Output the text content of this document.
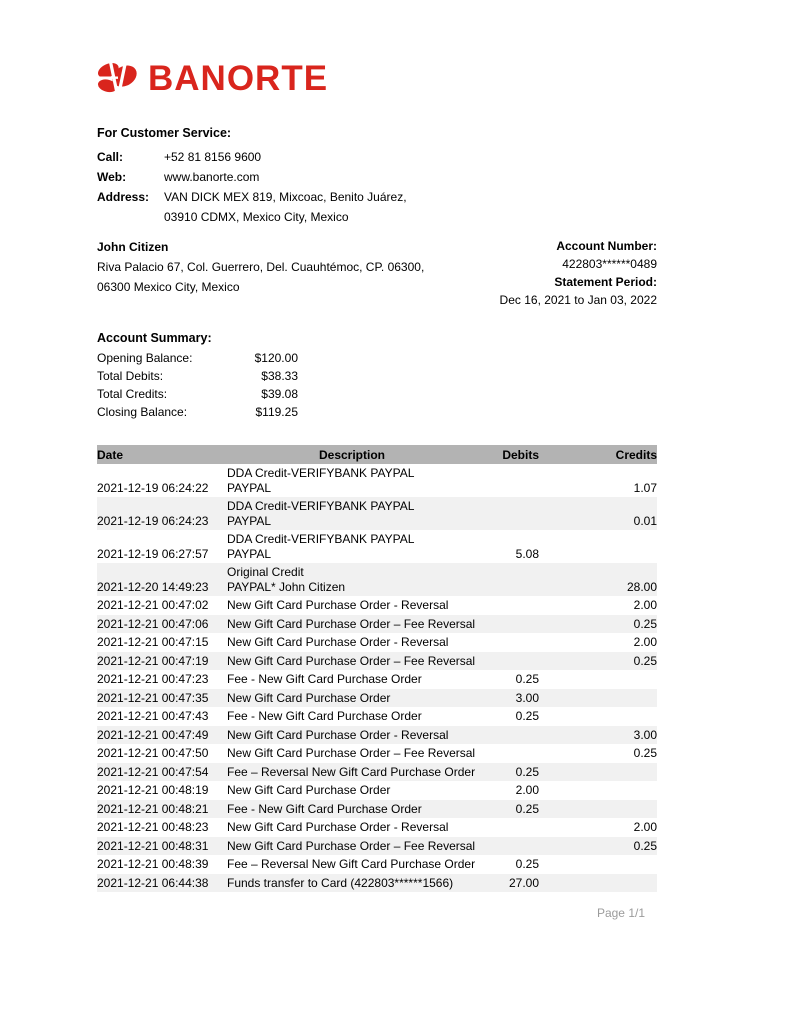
BANORTE
For Customer Service:
Call:	+52 81 8156 9600
Web:	www.banorte.com
Address:	VAN DICK MEX 819, Mixcoac, Benito Juárez,
03910 CDMX, Mexico City, Mexico
John Citizen
Riva Palacio 67, Col. Guerrero, Del. Cuauhtémoc, CP. 06300,
06300 Mexico City, Mexico
Account Number:
422803******0489
Statement Period:
Dec 16, 2021 to Jan 03, 2022
Account Summary:
Opening Balance:	$120.00
Total Debits:	$38.33
Total Credits:	$39.08
Closing Balance:	$119.25
Date	Description	Debits	Credits
2021-12-19 06:24:22	DDA Credit-VERIFYBANK PAYPAL
PAYPAL		1.07
2021-12-19 06:24:23	DDA Credit-VERIFYBANK PAYPAL
PAYPAL		0.01
2021-12-19 06:27:57	DDA Credit-VERIFYBANK PAYPAL
PAYPAL	5.08	
2021-12-20 14:49:23	Original Credit
PAYPAL* John Citizen		28.00
2021-12-21 00:47:02	New Gift Card Purchase Order - Reversal		2.00
2021-12-21 00:47:06	New Gift Card Purchase Order – Fee Reversal		0.25
2021-12-21 00:47:15	New Gift Card Purchase Order - Reversal		2.00
2021-12-21 00:47:19	New Gift Card Purchase Order – Fee Reversal		0.25
2021-12-21 00:47:23	Fee - New Gift Card Purchase Order	0.25	
2021-12-21 00:47:35	New Gift Card Purchase Order	3.00	
2021-12-21 00:47:43	Fee - New Gift Card Purchase Order	0.25	
2021-12-21 00:47:49	New Gift Card Purchase Order - Reversal		3.00
2021-12-21 00:47:50	New Gift Card Purchase Order – Fee Reversal		0.25
2021-12-21 00:47:54	Fee – Reversal New Gift Card Purchase Order	0.25	
2021-12-21 00:48:19	New Gift Card Purchase Order	2.00	
2021-12-21 00:48:21	Fee - New Gift Card Purchase Order	0.25	
2021-12-21 00:48:23	New Gift Card Purchase Order - Reversal		2.00
2021-12-21 00:48:31	New Gift Card Purchase Order – Fee Reversal		0.25
2021-12-21 00:48:39	Fee – Reversal New Gift Card Purchase Order	0.25	
2021-12-21 06:44:38	Funds transfer to Card (422803******1566)	27.00	
Page 1/1
